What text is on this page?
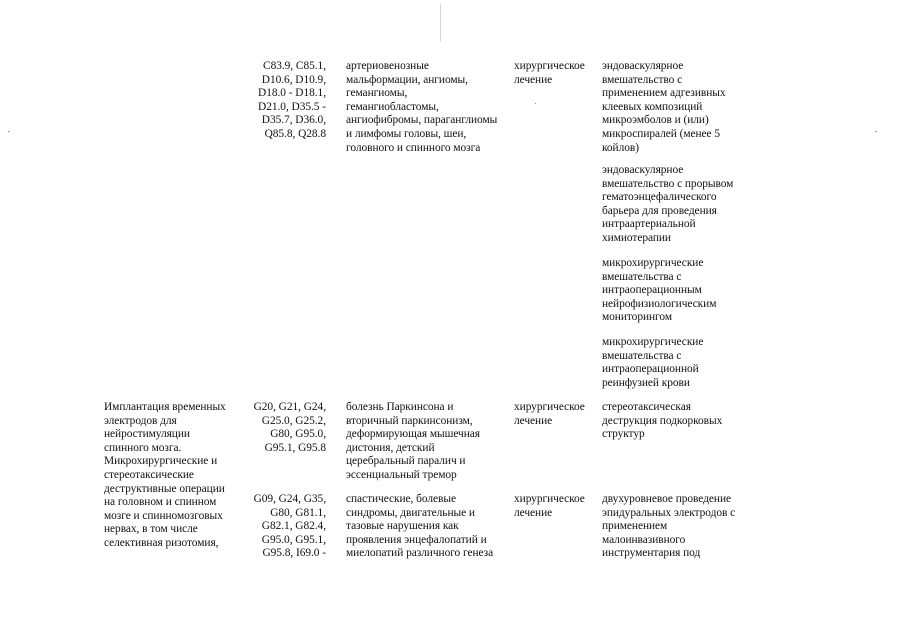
C83.9, C85.1,
D10.6, D10.9,
D18.0 - D18.1,
D21.0, D35.5 -
D35.7, D36.0,
Q85.8, Q28.8
артериовенозные
мальформации, ангиомы,
гемангиомы,
гемангиобластомы,
ангиофибромы, параганглиомы
и лимфомы головы, шеи,
головного и спинного мозга
хирургическое
лечение
эндоваскулярное
вмешательство с
применением адгезивных
клеевых композиций
микроэмболов и (или)
микроспиралей (менее 5
койлов)
эндоваскулярное
вмешательство с прорывом
гематоэнцефалического
барьера для проведения
интраартериальной
химиотерапии
микрохирургические
вмешательства с
интраоперационным
нейрофизиологическим
мониторингом
микрохирургические
вмешательства с
интраоперационной
реинфузией крови
Имплантация временных
электродов для
нейростимуляции
спинного мозга.
Микрохирургические и
стереотаксические
деструктивные операции
на головном и спинном
мозге и спинномозговых
нервах, в том числе
селективная ризотомия,
G20, G21, G24,
G25.0, G25.2,
G80, G95.0,
G95.1, G95.8
болезнь Паркинсона и
вторичный паркинсонизм,
деформирующая мышечная
дистония, детский
церебральный паралич и
эссенциальный тремор
хирургическое
лечение
стереотаксическая
деструкция подкорковых
структур
G09, G24, G35,
G80, G81.1,
G82.1, G82.4,
G95.0, G95.1,
G95.8, I69.0 -
спастические, болевые
синдромы, двигательные и
тазовые нарушения как
проявления энцефалопатий и
миелопатий различного генеза
хирургическое
лечение
двухуровневое проведение
эпидуральных электродов с
применением
малоинвазивного
инструментария под
